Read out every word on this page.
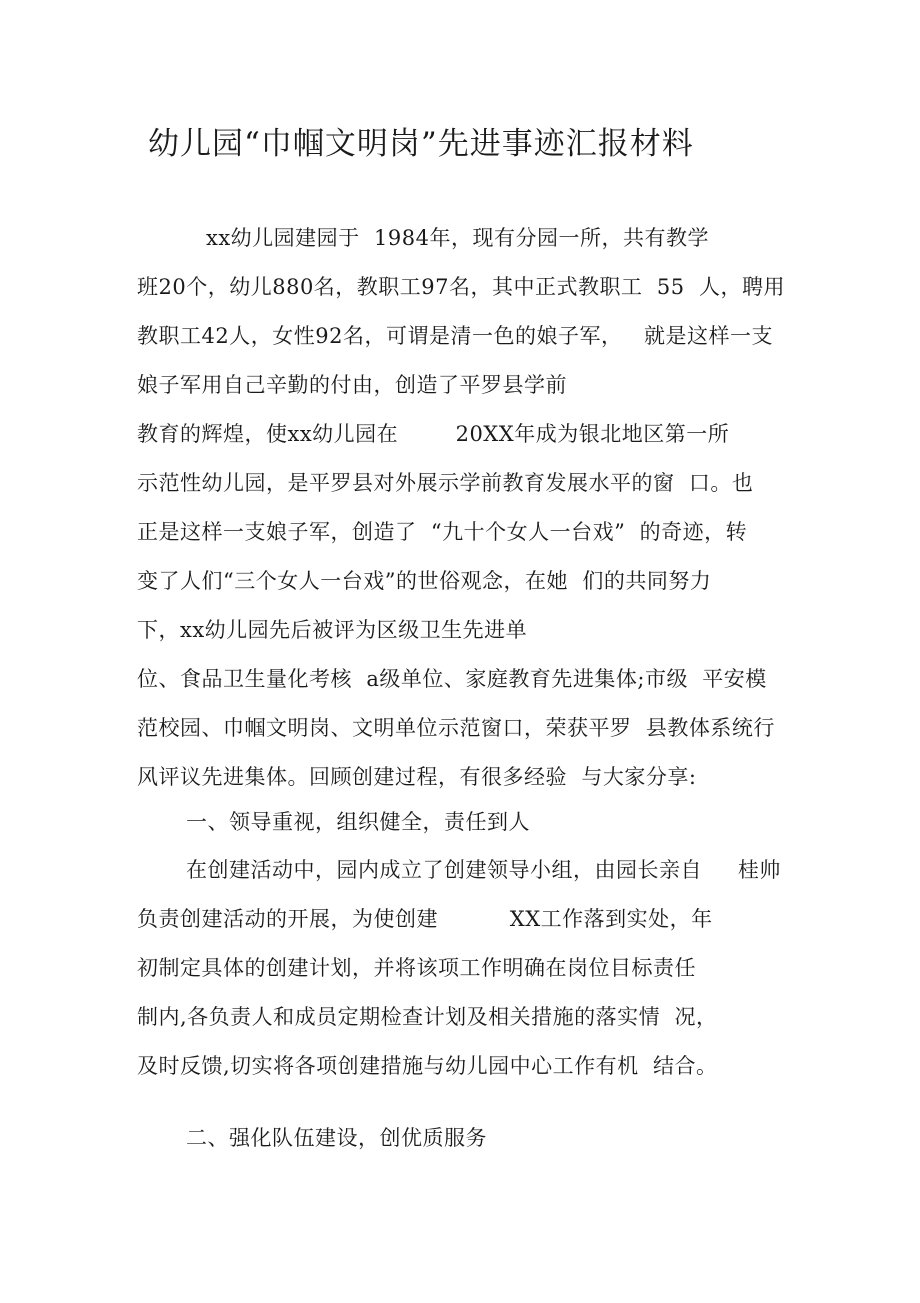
幼儿园“巾帼文明岗”先进事迹汇报材料
xx幼儿园建园于  1984年，现有分园一所，共有教学
班20个，幼儿880名，教职工97名，其中正式教职工  55  人，聘用
教职工42人，女性92名，可谓是清一色的娘子军，   就是这样一支
娘子军用自己辛勤的付由，创造了平罗县学前
教育的辉煌，使xx幼儿园在        20XX年成为银北地区第一所
示范性幼儿园，是平罗县对外展示学前教育发展水平的窗  口。也
正是这样一支娘子军，创造了  “九十个女人一台戏”  的奇迹，转
变了人们“三个女人一台戏”的世俗观念，在她  们的共同努力
下，xx幼儿园先后被评为区级卫生先进单
位、食品卫生量化考核  a级单位、家庭教育先进集体;市级  平安模
范校园、巾帼文明岗、文明单位示范窗口，荣获平罗  县教体系统行
风评议先进集体。回顾创建过程，有很多经验  与大家分享:
一、领导重视，组织健全，责任到人
在创建活动中，园内成立了创建领导小组，由园长亲自     桂帅
负责创建活动的开展，为使创建          XX工作落到实处，年
初制定具体的创建计划，并将该项工作明确在岗位目标责任
制内,各负责人和成员定期检查计划及相关措施的落实情  况，
及时反馈,切实将各项创建措施与幼儿园中心工作有机  结合。
二、强化队伍建设，创优质服务
